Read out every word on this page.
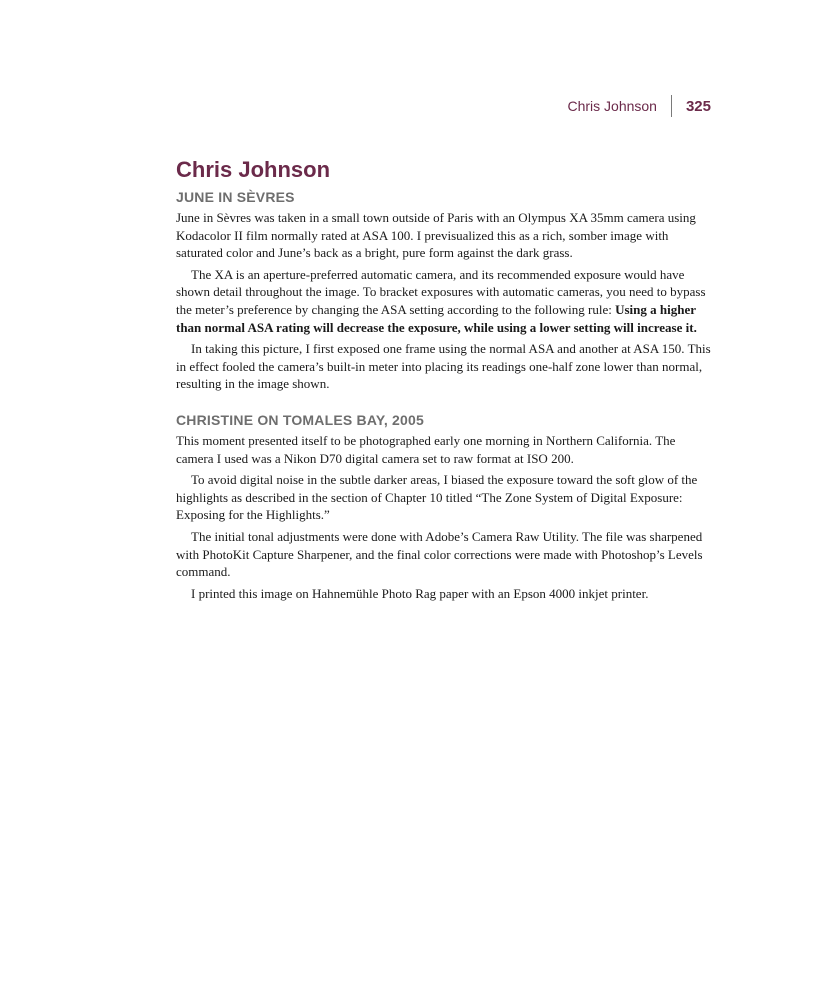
Chris Johnson	325
Chris Johnson
JUNE IN SÈVRES

June in Sèvres was taken in a small town outside of Paris with an Olympus XA 35mm camera using Kodacolor II film normally rated at ASA 100. I previsualized this as a rich, somber image with saturated color and June’s back as a bright, pure form against the dark grass.

The XA is an aperture-preferred automatic camera, and its recommended exposure would have shown detail throughout the image. To bracket exposures with automatic cameras, you need to bypass the meter’s preference by changing the ASA setting according to the following rule: Using a higher than normal ASA rating will decrease the exposure, while using a lower setting will increase it.

In taking this picture, I first exposed one frame using the normal ASA and another at ASA 150. This in effect fooled the camera’s built-in meter into placing its readings one-half zone lower than normal, resulting in the image shown.

CHRISTINE ON TOMALES BAY, 2005

This moment presented itself to be photographed early one morning in Northern California. The camera I used was a Nikon D70 digital camera set to raw format at ISO 200.

To avoid digital noise in the subtle darker areas, I biased the exposure toward the soft glow of the highlights as described in the section of Chapter 10 titled “The Zone System of Digital Exposure: Exposing for the Highlights.”

The initial tonal adjustments were done with Adobe’s Camera Raw Utility. The file was sharpened with PhotoKit Capture Sharpener, and the final color corrections were made with Photoshop’s Levels command.

I printed this image on Hahnemühle Photo Rag paper with an Epson 4000 inkjet printer.
